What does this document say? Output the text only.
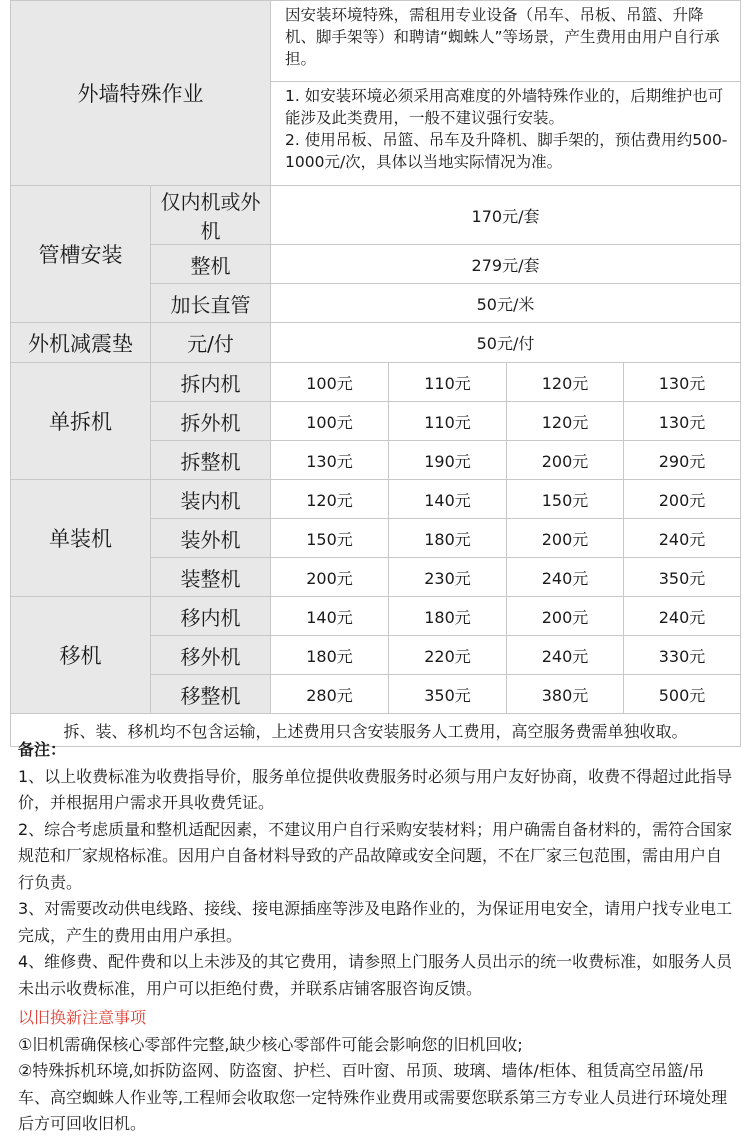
外墙特殊作业		因安装环境特殊，需租用专业设备（吊车、吊板、吊篮、升降机、脚手架等）和聘请“蜘蛛人”等场景，产生费用由用户自行承担。			

		1. 如安装环境必须采用高难度的外墙特殊作业的，后期维护也可能涉及此类费用，一般不建议强行安装。
2. 使用吊板、吊篮、吊车及升降机、脚手架的，预估费用约500-1000元/次，具体以当地实际情况为准。			

管槽安装	仅内机或外机	170元/套			
	整机	279元/套			
	加长直管	50元/米			
外机减震垫	元/付	50元/付			
单拆机	拆内机	100元	110元	120元	130元
	拆外机	100元	110元	120元	130元
	拆整机	130元	190元	200元	290元
单装机	装内机	120元	140元	150元	200元
	装外机	150元	180元	200元	240元
	装整机	200元	230元	240元	350元
移机	移内机	140元	180元	200元	240元
	移外机	180元	220元	240元	330元
	移整机	280元	350元	380元	500元
拆、装、移机均不包含运输，上述费用只含安装服务人工费用，高空服务费需单独收取。					

备注：

1、以上收费标准为收费指导价，服务单位提供收费服务时必须与用户友好协商，收费不得超过此指导价，并根据用户需求开具收费凭证。

2、综合考虑质量和整机适配因素，不建议用户自行采购安装材料；用户确需自备材料的，需符合国家规范和厂家规格标准。因用户自备材料导致的产品故障或安全问题，不在厂家三包范围，需由用户自行负责。

3、对需要改动供电线路、接线、接电源插座等涉及电路作业的，为保证用电安全，请用户找专业电工完成，产生的费用由用户承担。

4、维修费、配件费和以上未涉及的其它费用，请参照上门服务人员出示的统一收费标准，如服务人员未出示收费标准，用户可以拒绝付费，并联系店铺客服咨询反馈。

以旧换新注意事项

①旧机需确保核心零部件完整,缺少核心零部件可能会影响您的旧机回收;

②特殊拆机环境,如拆防盗网、防盗窗、护栏、百叶窗、吊顶、玻璃、墙体/柜体、租赁高空吊篮/吊车、高空蜘蛛人作业等,工程师会收取您一定特殊作业费用或需要您联系第三方专业人员进行环境处理后方可回收旧机。
